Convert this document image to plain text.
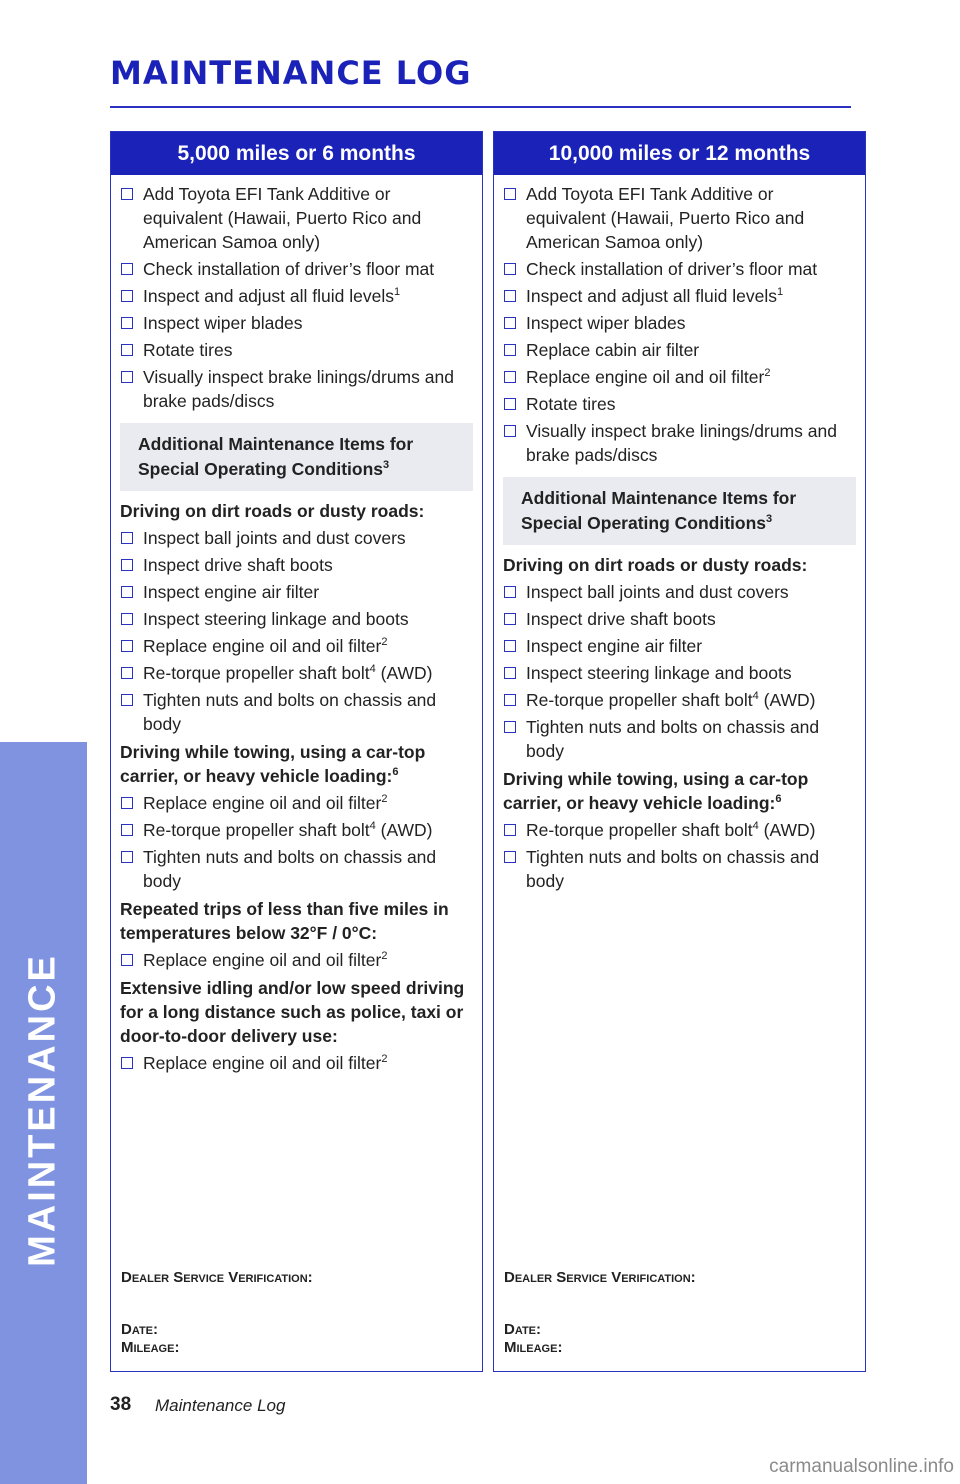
MAINTENANCE
MAINTENANCE LOG
5,000 miles or 6 months
Add Toyota EFI Tank Additive or equivalent (Hawaii, Puerto Rico and American Samoa only)
Check installation of driver’s floor mat
Inspect and adjust all fluid levels$^1$
Inspect wiper blades
Rotate tires
Visually inspect brake linings/drums and brake pads/discs
Additional Maintenance Items for Special Operating Conditions$^3$
Driving on dirt roads or dusty roads:
Inspect ball joints and dust covers
Inspect drive shaft boots
Inspect engine air filter
Inspect steering linkage and boots
Replace engine oil and oil filter$^2$
Re-torque propeller shaft bolt$^4$ (AWD)
Tighten nuts and bolts on chassis and body
Driving while towing, using a car-top carrier, or heavy vehicle loading:$^6$
Replace engine oil and oil filter$^2$
Re-torque propeller shaft bolt$^4$ (AWD)
Tighten nuts and bolts on chassis and body
Repeated trips of less than five miles in temperatures below 32°F / 0°C:
Replace engine oil and oil filter$^2$
Extensive idling and/or low speed driving for a long distance such as police, taxi or door-to-door delivery use:
Replace engine oil and oil filter$^2$
Dealer Service Verification:
Date:
Mileage:
10,000 miles or 12 months
Add Toyota EFI Tank Additive or equivalent (Hawaii, Puerto Rico and American Samoa only)
Check installation of driver’s floor mat
Inspect and adjust all fluid levels$^1$
Inspect wiper blades
Replace cabin air filter
Replace engine oil and oil filter$^2$
Rotate tires
Visually inspect brake linings/drums and brake pads/discs
Additional Maintenance Items for Special Operating Conditions$^3$
Driving on dirt roads or dusty roads:
Inspect ball joints and dust covers
Inspect drive shaft boots
Inspect engine air filter
Inspect steering linkage and boots
Re-torque propeller shaft bolt$^4$ (AWD)
Tighten nuts and bolts on chassis and body
Driving while towing, using a car-top carrier, or heavy vehicle loading:$^6$
Re-torque propeller shaft bolt$^4$ (AWD)
Tighten nuts and bolts on chassis and body
Dealer Service Verification:
Date:
Mileage:
38 Maintenance Log
carmanualsonline.info
